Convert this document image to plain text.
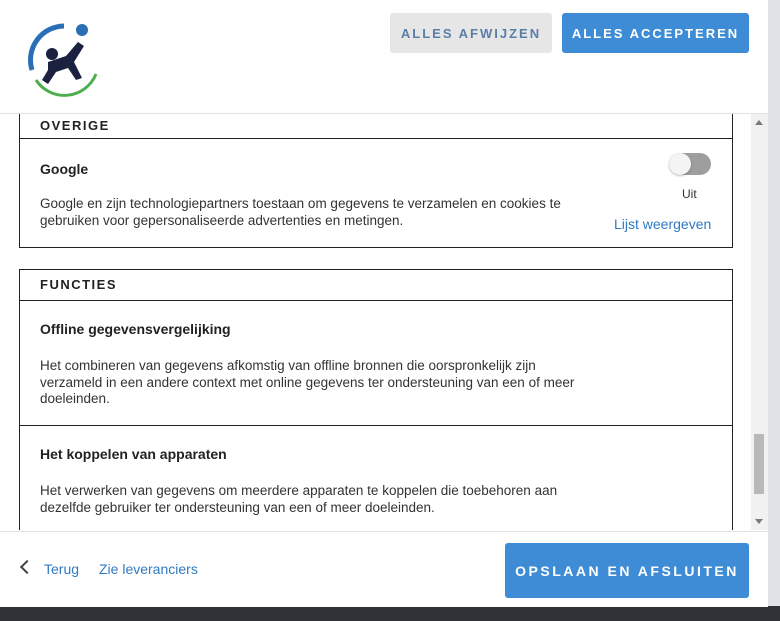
ALLES AFWIJZEN	ALLES ACCEPTEREN
OVERIGE
Google
Google en zijn technologiepartners toestaan om gegevens te verzamelen en cookies te
gebruiken voor gepersonaliseerde advertenties en metingen.
Uit
Lijst weergeven
FUNCTIES
Offline gegevensvergelijking
Het combineren van gegevens afkomstig van offline bronnen die oorspronkelijk zijn
verzameld in een andere context met online gegevens ter ondersteuning van een of meer
doeleinden.
Het koppelen van apparaten
Het verwerken van gegevens om meerdere apparaten te koppelen die toebehoren aan
dezelfde gebruiker ter ondersteuning van een of meer doeleinden.
Terug Zie leveranciers	OPSLAAN EN AFSLUITEN
